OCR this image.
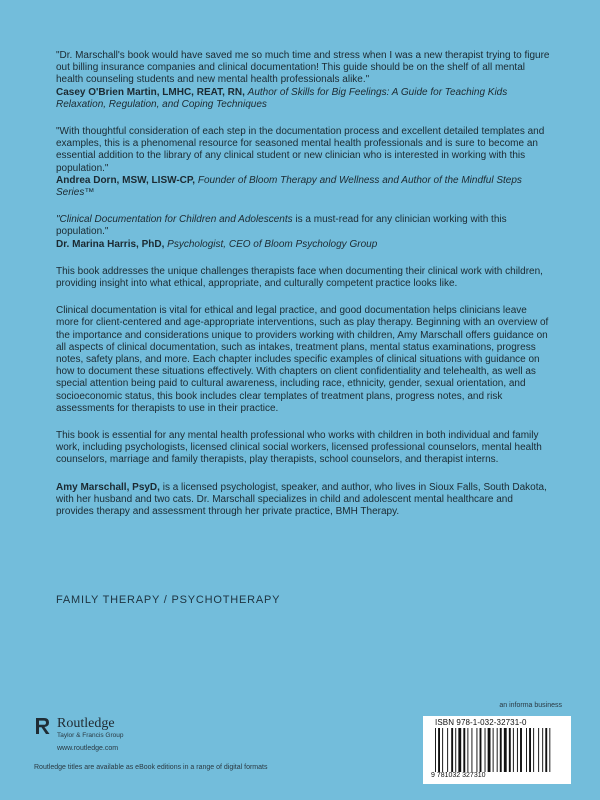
"Dr. Marschall's book would have saved me so much time and stress when I was a new therapist trying to figure out billing insurance companies and clinical documentation! This guide should be on the shelf of all mental health counseling students and new mental health professionals alike."
Casey O'Brien Martin, LMHC, REAT, RN, Author of Skills for Big Feelings: A Guide for Teaching Kids Relaxation, Regulation, and Coping Techniques
"With thoughtful consideration of each step in the documentation process and excellent detailed templates and examples, this is a phenomenal resource for seasoned mental health professionals and is sure to become an essential addition to the library of any clinical student or new clinician who is interested in working with this population."
Andrea Dorn, MSW, LISW-CP, Founder of Bloom Therapy and Wellness and Author of the Mindful Steps Series™
"Clinical Documentation for Children and Adolescents is a must-read for any clinician working with this population."
Dr. Marina Harris, PhD, Psychologist, CEO of Bloom Psychology Group

This book addresses the unique challenges therapists face when documenting their clinical work with children, providing insight into what ethical, appropriate, and culturally competent practice looks like.

Clinical documentation is vital for ethical and legal practice, and good documentation helps clinicians leave more for client-centered and age-appropriate interventions, such as play therapy. Beginning with an overview of the importance and considerations unique to providers working with children, Amy Marschall offers guidance on all aspects of clinical documentation, such as intakes, treatment plans, mental status examinations, progress notes, safety plans, and more. Each chapter includes specific examples of clinical situations with guidance on how to document these situations effectively. With chapters on client confidentiality and telehealth, as well as special attention being paid to cultural awareness, including race, ethnicity, gender, sexual orientation, and socioeconomic status, this book includes clear templates of treatment plans, progress notes, and risk assessments for therapists to use in their practice.

This book is essential for any mental health professional who works with children in both individual and family work, including psychologists, licensed clinical social workers, licensed professional counselors, mental health counselors, marriage and family therapists, play therapists, school counselors, and therapist interns.

Amy Marschall, PsyD, is a licensed psychologist, speaker, and author, who lives in Sioux Falls, South Dakota, with her husband and two cats. Dr. Marschall specializes in child and adolescent mental healthcare and provides therapy and assessment through her private practice, BMH Therapy.

FAMILY THERAPY / PSYCHOTHERAPY
an informa business
Routledge
Taylor & Francis Group
www.routledge.com
Routledge titles are available as eBook editions in a range of digital formats
ISBN 978-1-032-32731-0
9 781032 327310
